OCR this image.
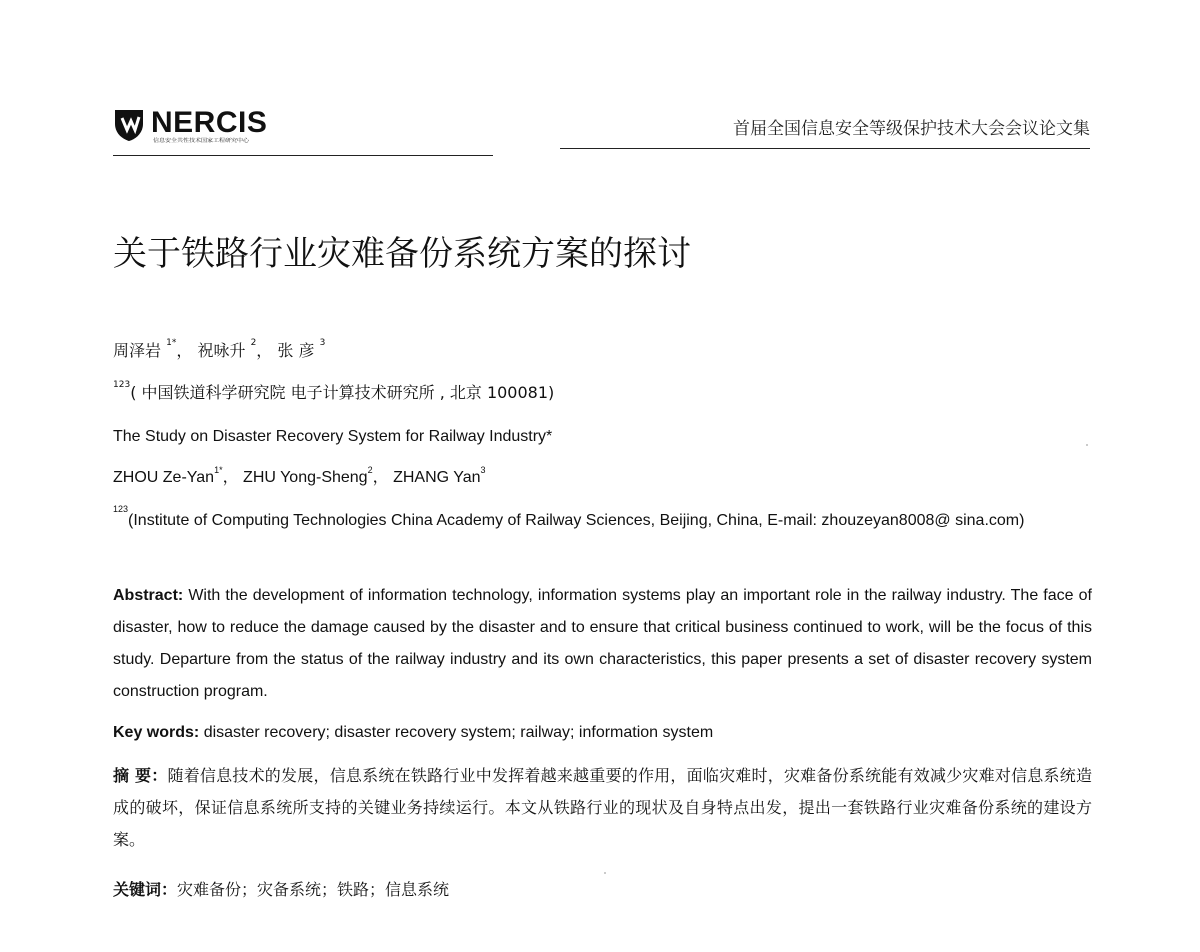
NERCIS
信息安全共性技术国家工程研究中心
首届全国信息安全等级保护技术大会会议论文集
关于铁路行业灾难备份系统方案的探讨
周泽岩 $^{1*}$， 祝咏升 $^2$， 张 彦 $^3$
$^{123}$( 中国铁道科学研究院 电子计算技术研究所 , 北京 100081)
The Study on Disaster Recovery System for Railway Industry*
ZHOU Ze-Yan$^{1*}$， ZHU Yong-Sheng$^2$， ZHANG Yan$^3$
$^{123}$(Institute of Computing Technologies China Academy of Railway Sciences, Beijing, China, E-mail: zhouzeyan8008@ sina.com)
Abstract: With the development of information technology, information systems play an important role in the railway industry. The face of disaster, how to reduce the damage caused by the disaster and to ensure that critical business continued to work, will be the focus of this study. Departure from the status of the railway industry and its own characteristics, this paper presents a set of disaster recovery system construction program.
Key words: disaster recovery; disaster recovery system; railway; information system
摘 要：随着信息技术的发展，信息系统在铁路行业中发挥着越来越重要的作用，面临灾难时，灾难备份系统能有效减少灾难对信息系统造成的破坏，保证信息系统所支持的关键业务持续运行。本文从铁路行业的现状及自身特点出发，提出一套铁路行业灾难备份系统的建设方案。
关键词：灾难备份；灾备系统；铁路；信息系统
